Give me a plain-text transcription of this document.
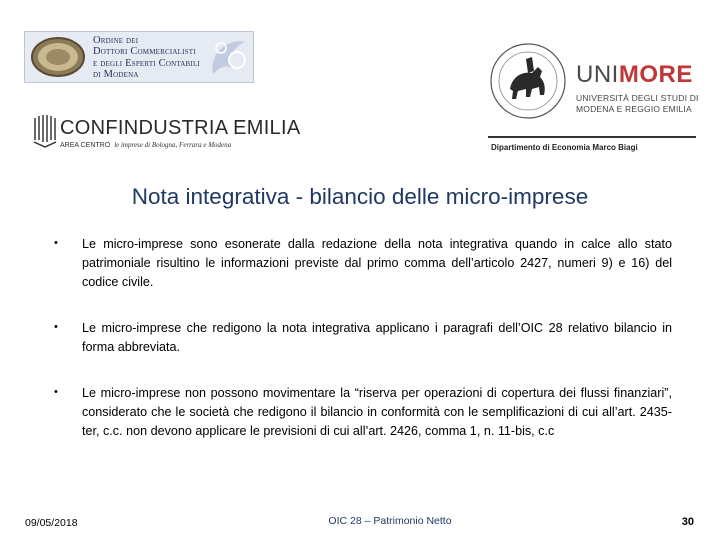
Ordine dei
Dottori Commercialisti
e degli Esperti Contabili
di Modena
CONFINDUSTRIA EMILIA
AREA CENTRO le imprese di Bologna, Ferrara e Modena
UNIMORE
UNIVERSITÀ DEGLI STUDI DI
MODENA E REGGIO EMILIA
Dipartimento di Economia Marco Biagi
Nota integrativa - bilancio delle micro-imprese
• Le micro-imprese sono esonerate dalla redazione della nota integrativa quando in calce allo stato patrimoniale risultino le informazioni previste dal primo comma dell’articolo 2427, numeri 9) e 16) del codice civile.
• Le micro-imprese che redigono la nota integrativa applicano i paragrafi dell’OIC 28 relativo bilancio in forma abbreviata.
• Le micro-imprese non possono movimentare la “riserva per operazioni di copertura dei flussi finanziari”, considerato che le società che redigono il bilancio in conformità con le semplificazioni di cui all’art. 2435-ter, c.c. non devono applicare le previsioni di cui all’art. 2426, comma 1, n. 11-bis, c.c
09/05/2018	OIC 28 – Patrimonio Netto	30
